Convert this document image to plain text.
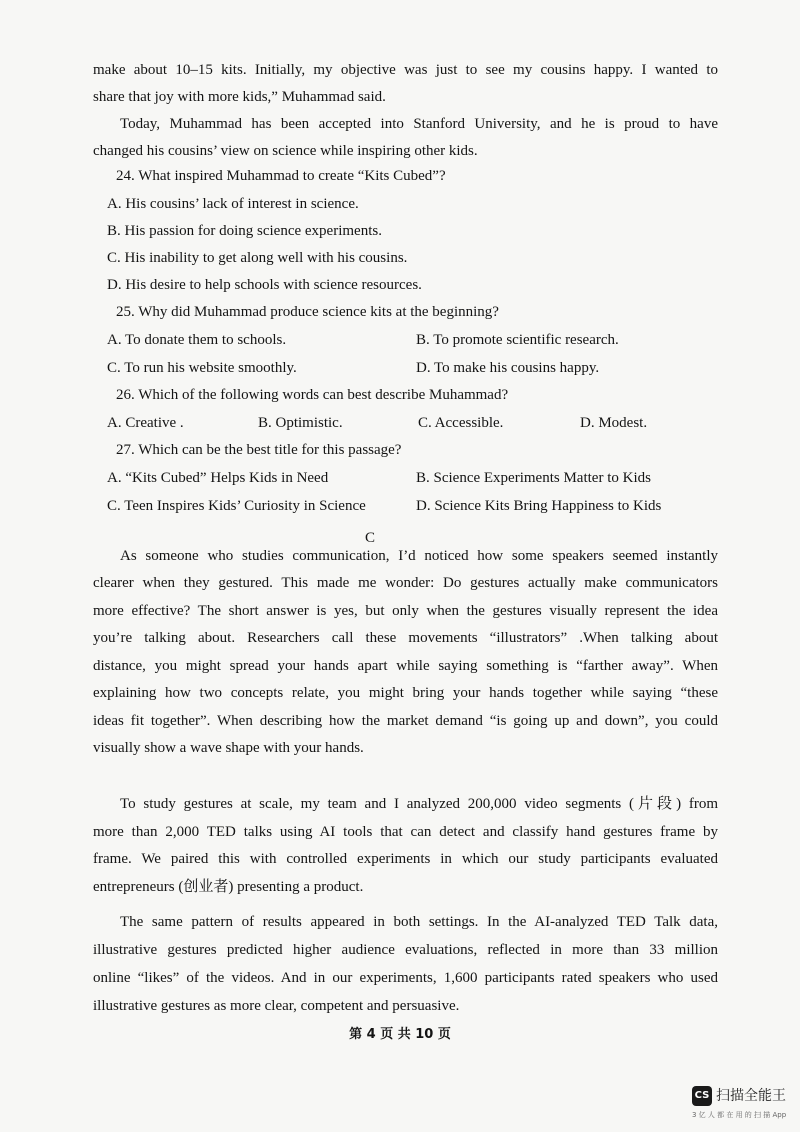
make about 10–15 kits. Initially, my objective was just to see my cousins happy. I wanted to
share that joy with more kids,” Muhammad said.
Today, Muhammad has been accepted into Stanford University, and he is proud to have
changed his cousins’ view on science while inspiring other kids.
24. What inspired Muhammad to create “Kits Cubed”?
A. His cousins’ lack of interest in science.
B. His passion for doing science experiments.
C. His inability to get along well with his cousins.
D. His desire to help schools with science resources.
25. Why did Muhammad produce science kits at the beginning?
A. To donate them to schools.	B. To promote scientific research.
C. To run his website smoothly.	D. To make his cousins happy.
26. Which of the following words can best describe Muhammad?
A. Creative .	B. Optimistic.	C. Accessible.	D. Modest.
27. Which can be the best title for this passage?
A. “Kits Cubed” Helps Kids in Need	B. Science Experiments Matter to Kids
C. Teen Inspires Kids’ Curiosity in Science	D. Science Kits Bring Happiness to Kids
C
As someone who studies communication, I’d noticed how some speakers seemed instantly
clearer when they gestured. This made me wonder: Do gestures actually make communicators
more effective? The short answer is yes, but only when the gestures visually represent the idea
you’re talking about. Researchers call these movements “illustrators” .When talking about
distance, you might spread your hands apart while saying something is “farther away”. When
explaining how two concepts relate, you might bring your hands together while saying “these
ideas fit together”. When describing how the market demand “is going up and down”, you could
visually show a wave shape with your hands.
To study gestures at scale, my team and I analyzed 200,000 video segments (片段) from
more than 2,000 TED talks using AI tools that can detect and classify hand gestures frame by
frame. We paired this with controlled experiments in which our study participants evaluated
entrepreneurs (创业者) presenting a product.
The same pattern of results appeared in both settings. In the AI-analyzed TED Talk data,
illustrative gestures predicted higher audience evaluations, reflected in more than 33 million
online “likes” of the videos. And in our experiments, 1,600 participants rated speakers who used
illustrative gestures as more clear, competent and persuasive.
第 4 页 共 10 页
CS 扫描全能王
3 亿 人 都 在 用 的 扫 描 App
